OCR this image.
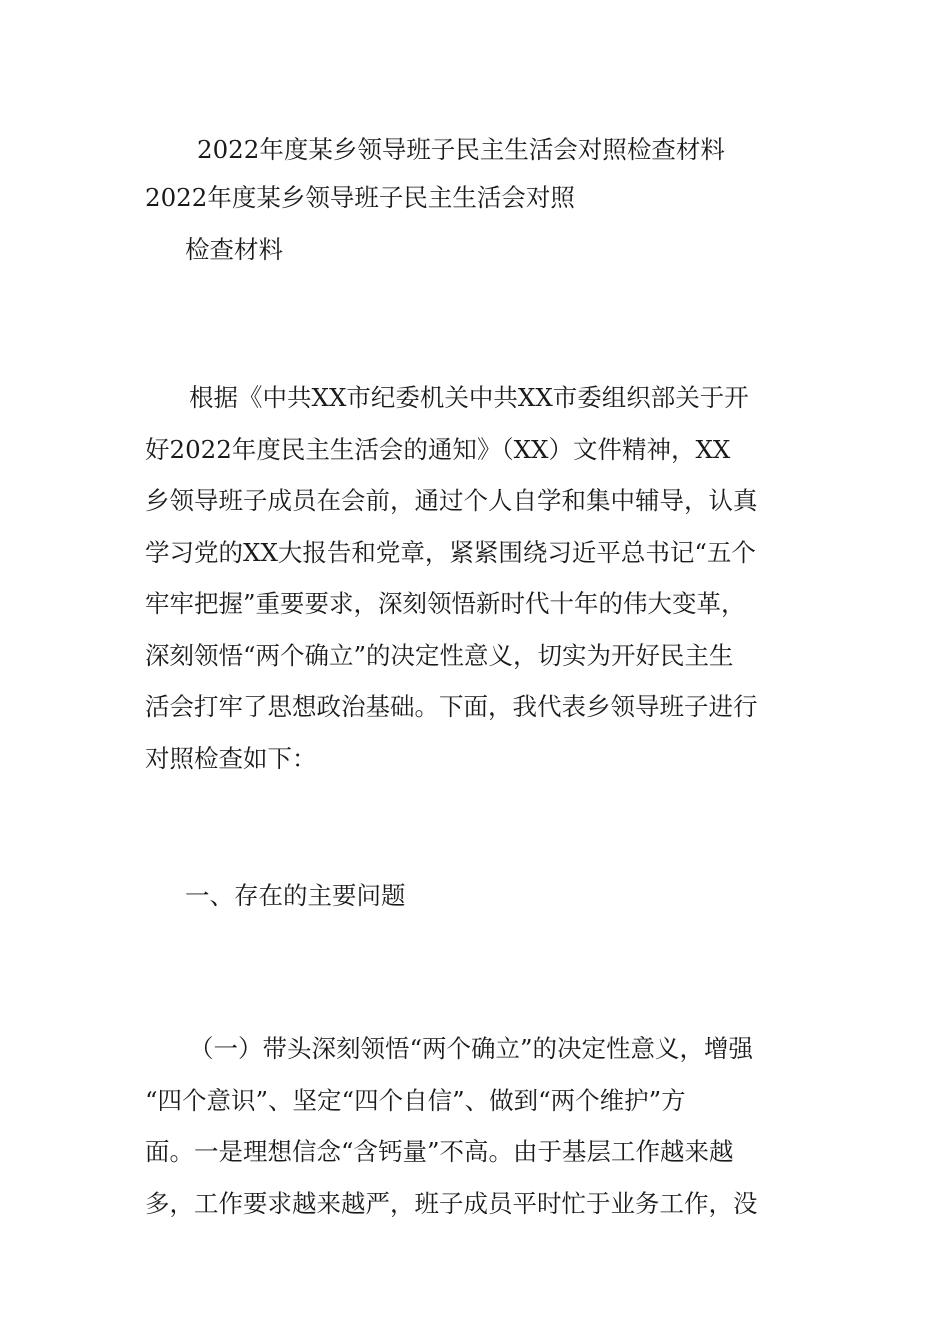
2022年度某乡领导班子民主生活会对照检查材料
2022年度某乡领导班子民主生活会对照
检查材料
根据《中共XX市纪委机关中共XX市委组织部关于开
好2022年度民主生活会的通知》（XX）文件精神，XX
乡领导班子成员在会前，通过个人自学和集中辅导，认真
学习党的XX大报告和党章，紧紧围绕习近平总书记“五个
牢牢把握”重要要求，深刻领悟新时代十年的伟大变革，
深刻领悟“两个确立”的决定性意义，切实为开好民主生
活会打牢了思想政治基础。下面，我代表乡领导班子进行
对照检查如下：
一、存在的主要问题
（一）带头深刻领悟“两个确立”的决定性意义，增强
“四个意识”、坚定“四个自信”、做到“两个维护”方
面。一是理想信念“含钙量”不高。由于基层工作越来越
多，工作要求越来越严，班子成员平时忙于业务工作，没
